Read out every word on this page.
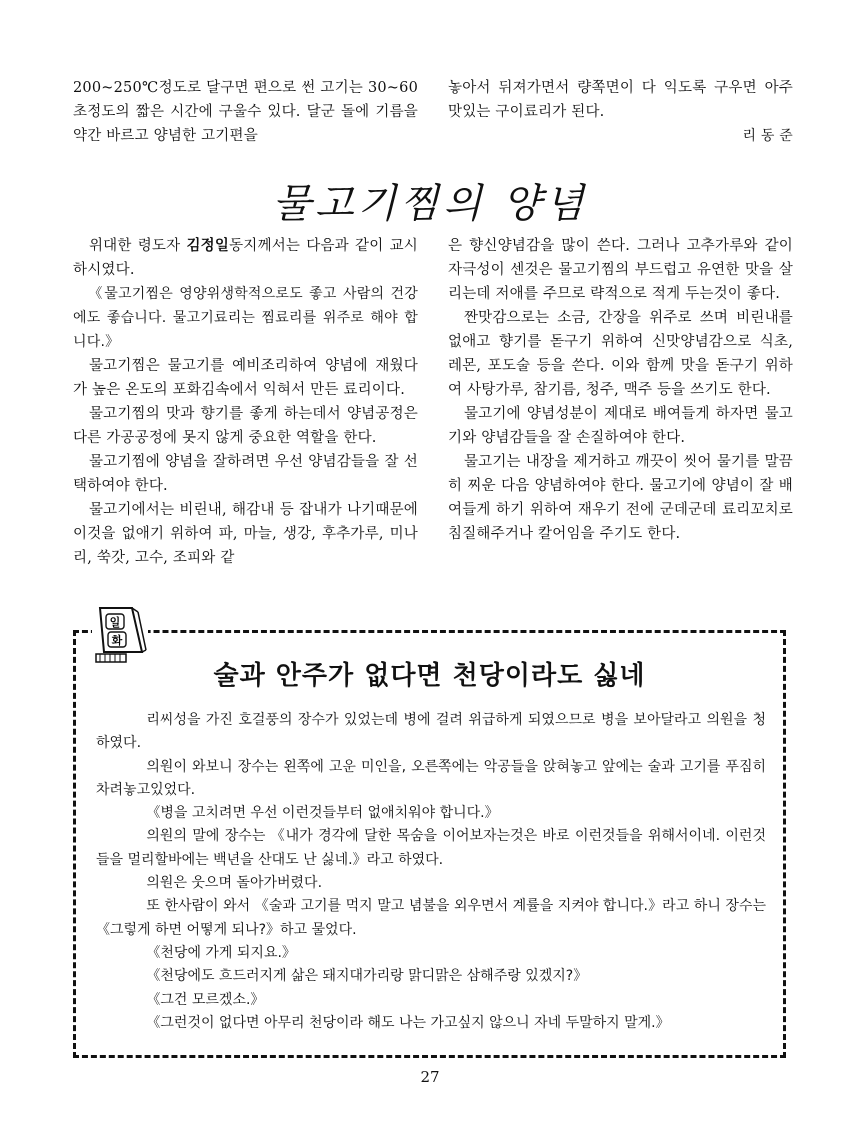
200~250℃정도로 달구면 편으로 썬 고기는 30~60초정도의 짧은 시간에 구울수 있다. 달군 돌에 기름을 약간 바르고 양념한 고기편을

놓아서 뒤져가면서 량쪽면이 다 익도록 구우면 아주 맛있는 구이료리가 된다.

리 동 준

물고기찜의 양념

위대한 령도자 김정일동지께서는 다음과 같이 교시하시였다.

《물고기찜은 영양위생학적으로도 좋고 사람의 건강에도 좋습니다. 물고기료리는 찜료리를 위주로 해야 합니다.》

물고기찜은 물고기를 예비조리하여 양념에 재웠다가 높은 온도의 포화김속에서 익혀서 만든 료리이다.

물고기찜의 맛과 향기를 좋게 하는데서 양념공정은 다른 가공공정에 못지 않게 중요한 역할을 한다.

물고기찜에 양념을 잘하려면 우선 양념감들을 잘 선택하여야 한다.

물고기에서는 비린내, 해감내 등 잡내가 나기때문에 이것을 없애기 위하여 파, 마늘, 생강, 후추가루, 미나리, 쑥갓, 고수, 조피와 같

은 향신양념감을 많이 쓴다. 그러나 고추가루와 같이 자극성이 센것은 물고기찜의 부드럽고 유연한 맛을 살리는데 저애를 주므로 략적으로 적게 두는것이 좋다.

짠맛감으로는 소금, 간장을 위주로 쓰며 비린내를 없애고 향기를 돋구기 위하여 신맛양념감으로 식초, 레몬, 포도술 등을 쓴다. 이와 함께 맛을 돋구기 위하여 사탕가루, 참기름, 청주, 맥주 등을 쓰기도 한다.

물고기에 양념성분이 제대로 배여들게 하자면 물고기와 양념감들을 잘 손질하여야 한다.

물고기는 내장을 제거하고 깨끗이 씻어 물기를 말끔히 찌운 다음 양념하여야 한다. 물고기에 양념이 잘 배여들게 하기 위하여 재우기 전에 군데군데 료리꼬치로 침질해주거나 칼어임을 주기도 한다.

술과 안주가 없다면 천당이라도 싫네

리씨성을 가진 호걸풍의 장수가 있었는데 병에 걸려 위급하게 되였으므로 병을 보아달라고 의원을 청하였다.

의원이 와보니 장수는 왼쪽에 고운 미인을, 오른쪽에는 악공들을 앉혀놓고 앞에는 술과 고기를 푸짐히 차려놓고있었다.

《병을 고치려면 우선 이런것들부터 없애치워야 합니다.》

의원의 말에 장수는 《내가 경각에 달한 목숨을 이어보자는것은 바로 이런것들을 위해서이네. 이런것들을 멀리할바에는 백년을 산대도 난 싫네.》라고 하였다.

의원은 웃으며 돌아가버렸다.

또 한사람이 와서 《술과 고기를 먹지 말고 념불을 외우면서 계률을 지켜야 합니다.》라고 하니 장수는 《그렇게 하면 어떻게 되나?》하고 물었다.

《천당에 가게 되지요.》

《천당에도 흐드러지게 삶은 돼지대가리랑 맑디맑은 삼해주랑 있겠지?》

《그건 모르겠소.》

《그런것이 없다면 아무리 천당이라 해도 나는 가고싶지 않으니 자네 두말하지 말게.》

일
화
27
